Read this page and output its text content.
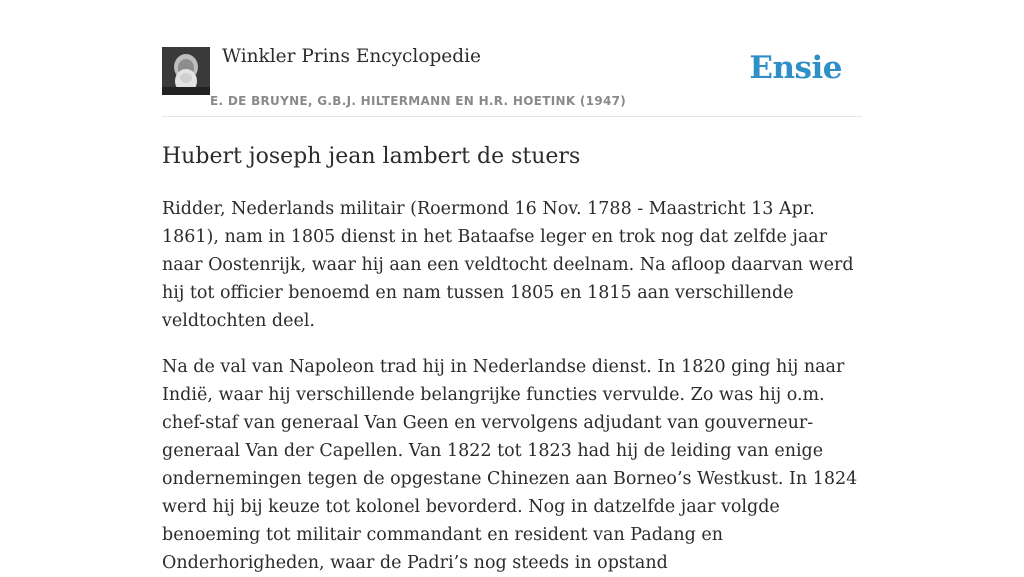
Winkler Prins Encyclopedie	Ensie
E. DE BRUYNE, G.B.J. HILTERMANN EN H.R. HOETINK (1947)
Hubert joseph jean lambert de stuers

Ridder, Nederlands militair (Roermond 16 Nov. 1788 - Maastricht 13 Apr. 1861), nam in 1805 dienst in het Bataafse leger en trok nog dat zelfde jaar naar Oostenrijk, waar hij aan een veldtocht deelnam. Na afloop daarvan werd hij tot officier benoemd en nam tussen 1805 en 1815 aan verschillende veldtochten deel.

Na de val van Napoleon trad hij in Nederlandse dienst. In 1820 ging hij naar Indië, waar hij verschillende belangrijke functies vervulde. Zo was hij o.m. chef-staf van generaal Van Geen en vervolgens adjudant van gouverneur-generaal Van der Capellen. Van 1822 tot 1823 had hij de leiding van enige ondernemingen tegen de opgestane Chinezen aan Borneo’s Westkust. In 1824 werd hij bij keuze tot kolonel bevorderd. Nog in datzelfde jaar volgde benoeming tot militair commandant en resident van Padang en Onderhorigheden, waar de Padri’s nog steeds in opstand
